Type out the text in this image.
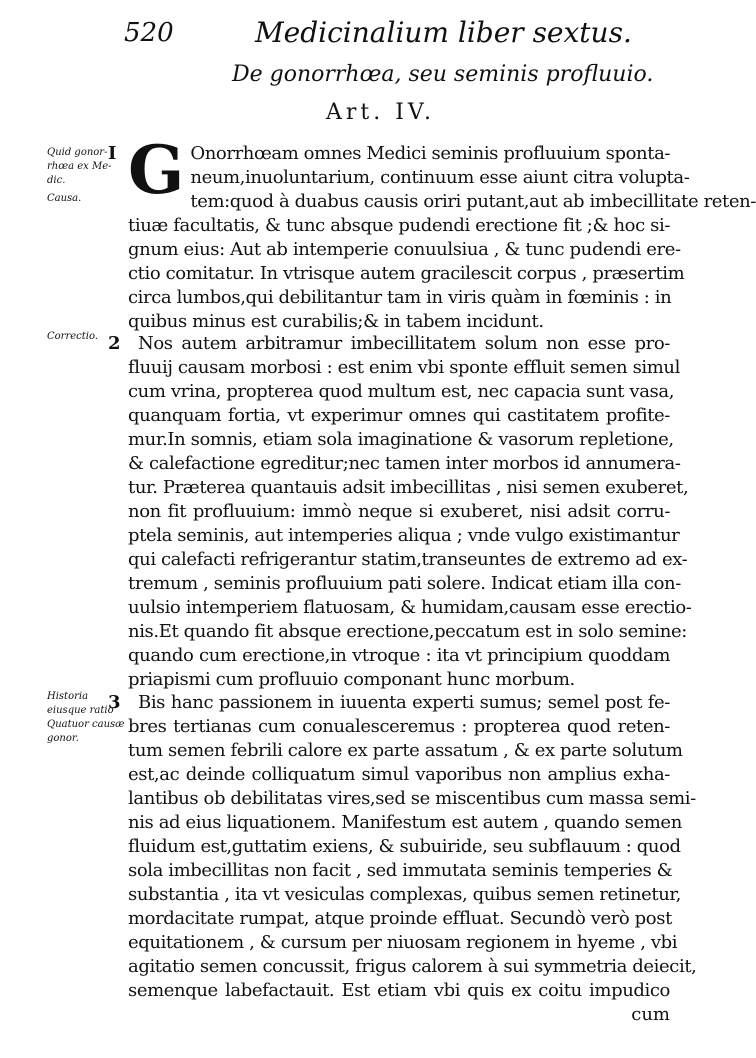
520	Medicinalium liber sextus.
De gonorrhœa, seu seminis profluuio.
Art. IV.
Quid gonor-rhœa ex Me-dic.
Causa.
Correctio.
Historia eiusque ratio Quatuor causæ gonor.
I G Onorrhœam omnes Medici seminis profluuium sponta-
neum,inuoluntarium, continuum esse aiunt citra volupta-
tem:quod à duabus causis oriri putant,aut ab imbecillitate reten-
tiuæ facultatis, & tunc absque pudendi erectione fit ;& hoc si-
gnum eius: Aut ab intemperie conuulsiua , & tunc pudendi ere-
ctio comitatur. In vtrisque autem gracilescit corpus , præsertim
circa lumbos,qui debilitantur tam in viris quàm in fœminis : in
quibus minus est curabilis;& in tabem incidunt.
2 Nos autem arbitramur imbecillitatem solum non esse pro-
fluuij causam morbosi : est enim vbi sponte effluit semen simul
cum vrina, propterea quod multum est, nec capacia sunt vasa,
quanquam fortia, vt experimur omnes qui castitatem profite-
mur.In somnis, etiam sola imaginatione & vasorum repletione,
& calefactione egreditur;nec tamen inter morbos id annumera-
tur. Præterea quantauis adsit imbecillitas , nisi semen exuberet,
non fit profluuium: immò neque si exuberet, nisi adsit corru-
ptela seminis, aut intemperies aliqua ; vnde vulgo existimantur
qui calefacti refrigerantur statim,transeuntes de extremo ad ex-
tremum , seminis profluuium pati solere. Indicat etiam illa con-
uulsio intemperiem flatuosam, & humidam,causam esse erectio-
nis.Et quando fit absque erectione,peccatum est in solo semine:
quando cum erectione,in vtroque : ita vt principium quoddam
priapismi cum profluuio componant hunc morbum.
3 Bis hanc passionem in iuuenta experti sumus; semel post fe-
bres tertianas cum conualesceremus : propterea quod reten-
tum semen febrili calore ex parte assatum , & ex parte solutum
est,ac deinde colliquatum simul vaporibus non amplius exha-
lantibus ob debilitatas vires,sed se miscentibus cum massa semi-
nis ad eius liquationem. Manifestum est autem , quando semen
fluidum est,guttatim exiens, & subuiride, seu subflauum : quod
sola imbecillitas non facit , sed immutata seminis temperies &
substantia , ita vt vesiculas complexas, quibus semen retinetur,
mordacitate rumpat, atque proinde effluat. Secundò verò post
equitationem , & cursum per niuosam regionem in hyeme , vbi
agitatio semen concussit, frigus calorem à sui symmetria deiecit,
semenque labefactauit. Est etiam vbi quis ex coitu impudico
cum
